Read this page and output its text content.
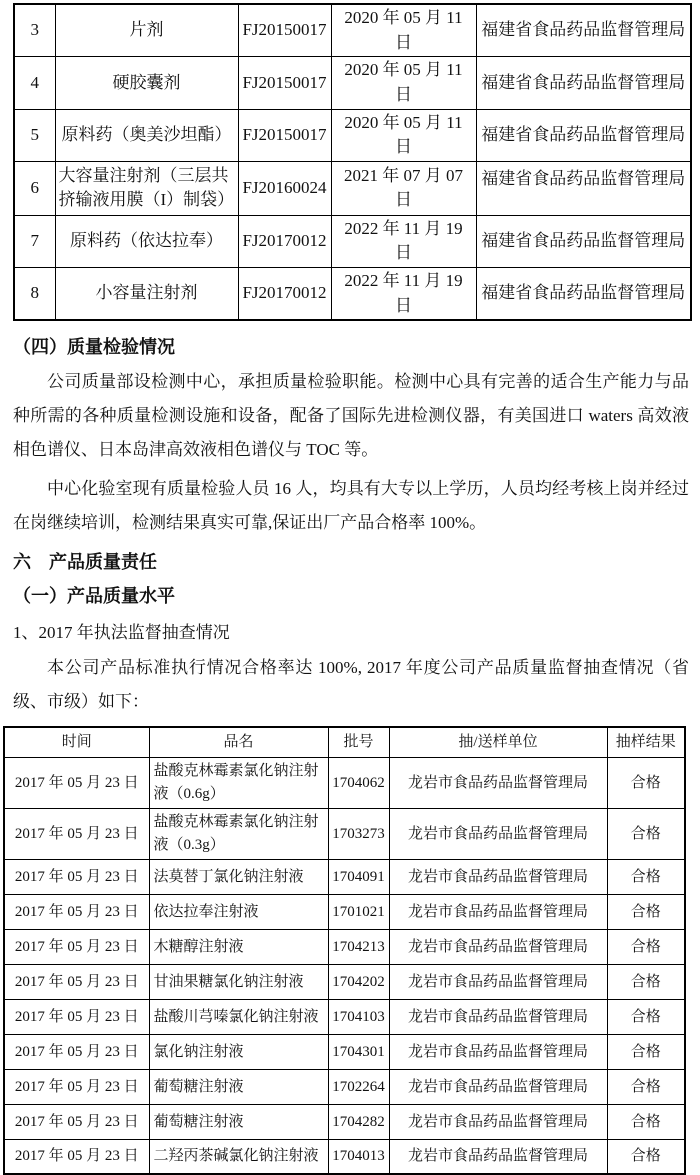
3	片剂	FJ20150017	2020 年 05 月 11 日	福建省食品药品监督管理局
4	硬胶囊剂	FJ20150017	2020 年 05 月 11 日	福建省食品药品监督管理局
5	原料药（奥美沙坦酯）	FJ20150017	2020 年 05 月 11 日	福建省食品药品监督管理局
6	大容量注射剂（三层共挤输液用膜（I）制袋）	FJ20160024	2021 年 07 月 07 日	福建省食品药品监督管理局
7	原料药（依达拉奉）	FJ20170012	2022 年 11 月 19 日	福建省食品药品监督管理局
8	小容量注射剂	FJ20170012	2022 年 11 月 19 日	福建省食品药品监督管理局
（四）质量检验情况

公司质量部设检测中心，承担质量检验职能。检测中心具有完善的适合生产能力与品种所需的各种质量检测设施和设备，配备了国际先进检测仪器，有美国进口 waters 高效液相色谱仪、日本岛津高效液相色谱仪与 TOC 等。

中心化验室现有质量检验人员 16 人，均具有大专以上学历，人员均经考核上岗并经过在岗继续培训，检测结果真实可靠,保证出厂产品合格率 100%。

六　产品质量责任
（一）产品质量水平
1、2017 年执法监督抽查情况

本公司产品标准执行情况合格率达 100%, 2017 年度公司产品质量监督抽查情况（省级、市级）如下：

时间	品名	批号	抽/送样单位	抽样结果
2017 年 05 月 23 日	盐酸克林霉素氯化钠注射液（0.6g）	1704062	龙岩市食品药品监督管理局	合格
2017 年 05 月 23 日	盐酸克林霉素氯化钠注射液（0.3g）	1703273	龙岩市食品药品监督管理局	合格
2017 年 05 月 23 日	法莫替丁氯化钠注射液	1704091	龙岩市食品药品监督管理局	合格
2017 年 05 月 23 日	依达拉奉注射液	1701021	龙岩市食品药品监督管理局	合格
2017 年 05 月 23 日	木糖醇注射液	1704213	龙岩市食品药品监督管理局	合格
2017 年 05 月 23 日	甘油果糖氯化钠注射液	1704202	龙岩市食品药品监督管理局	合格
2017 年 05 月 23 日	盐酸川芎嗪氯化钠注射液	1704103	龙岩市食品药品监督管理局	合格
2017 年 05 月 23 日	氯化钠注射液	1704301	龙岩市食品药品监督管理局	合格
2017 年 05 月 23 日	葡萄糖注射液	1702264	龙岩市食品药品监督管理局	合格
2017 年 05 月 23 日	葡萄糖注射液	1704282	龙岩市食品药品监督管理局	合格
2017 年 05 月 23 日	二羟丙茶碱氯化钠注射液	1704013	龙岩市食品药品监督管理局	合格
